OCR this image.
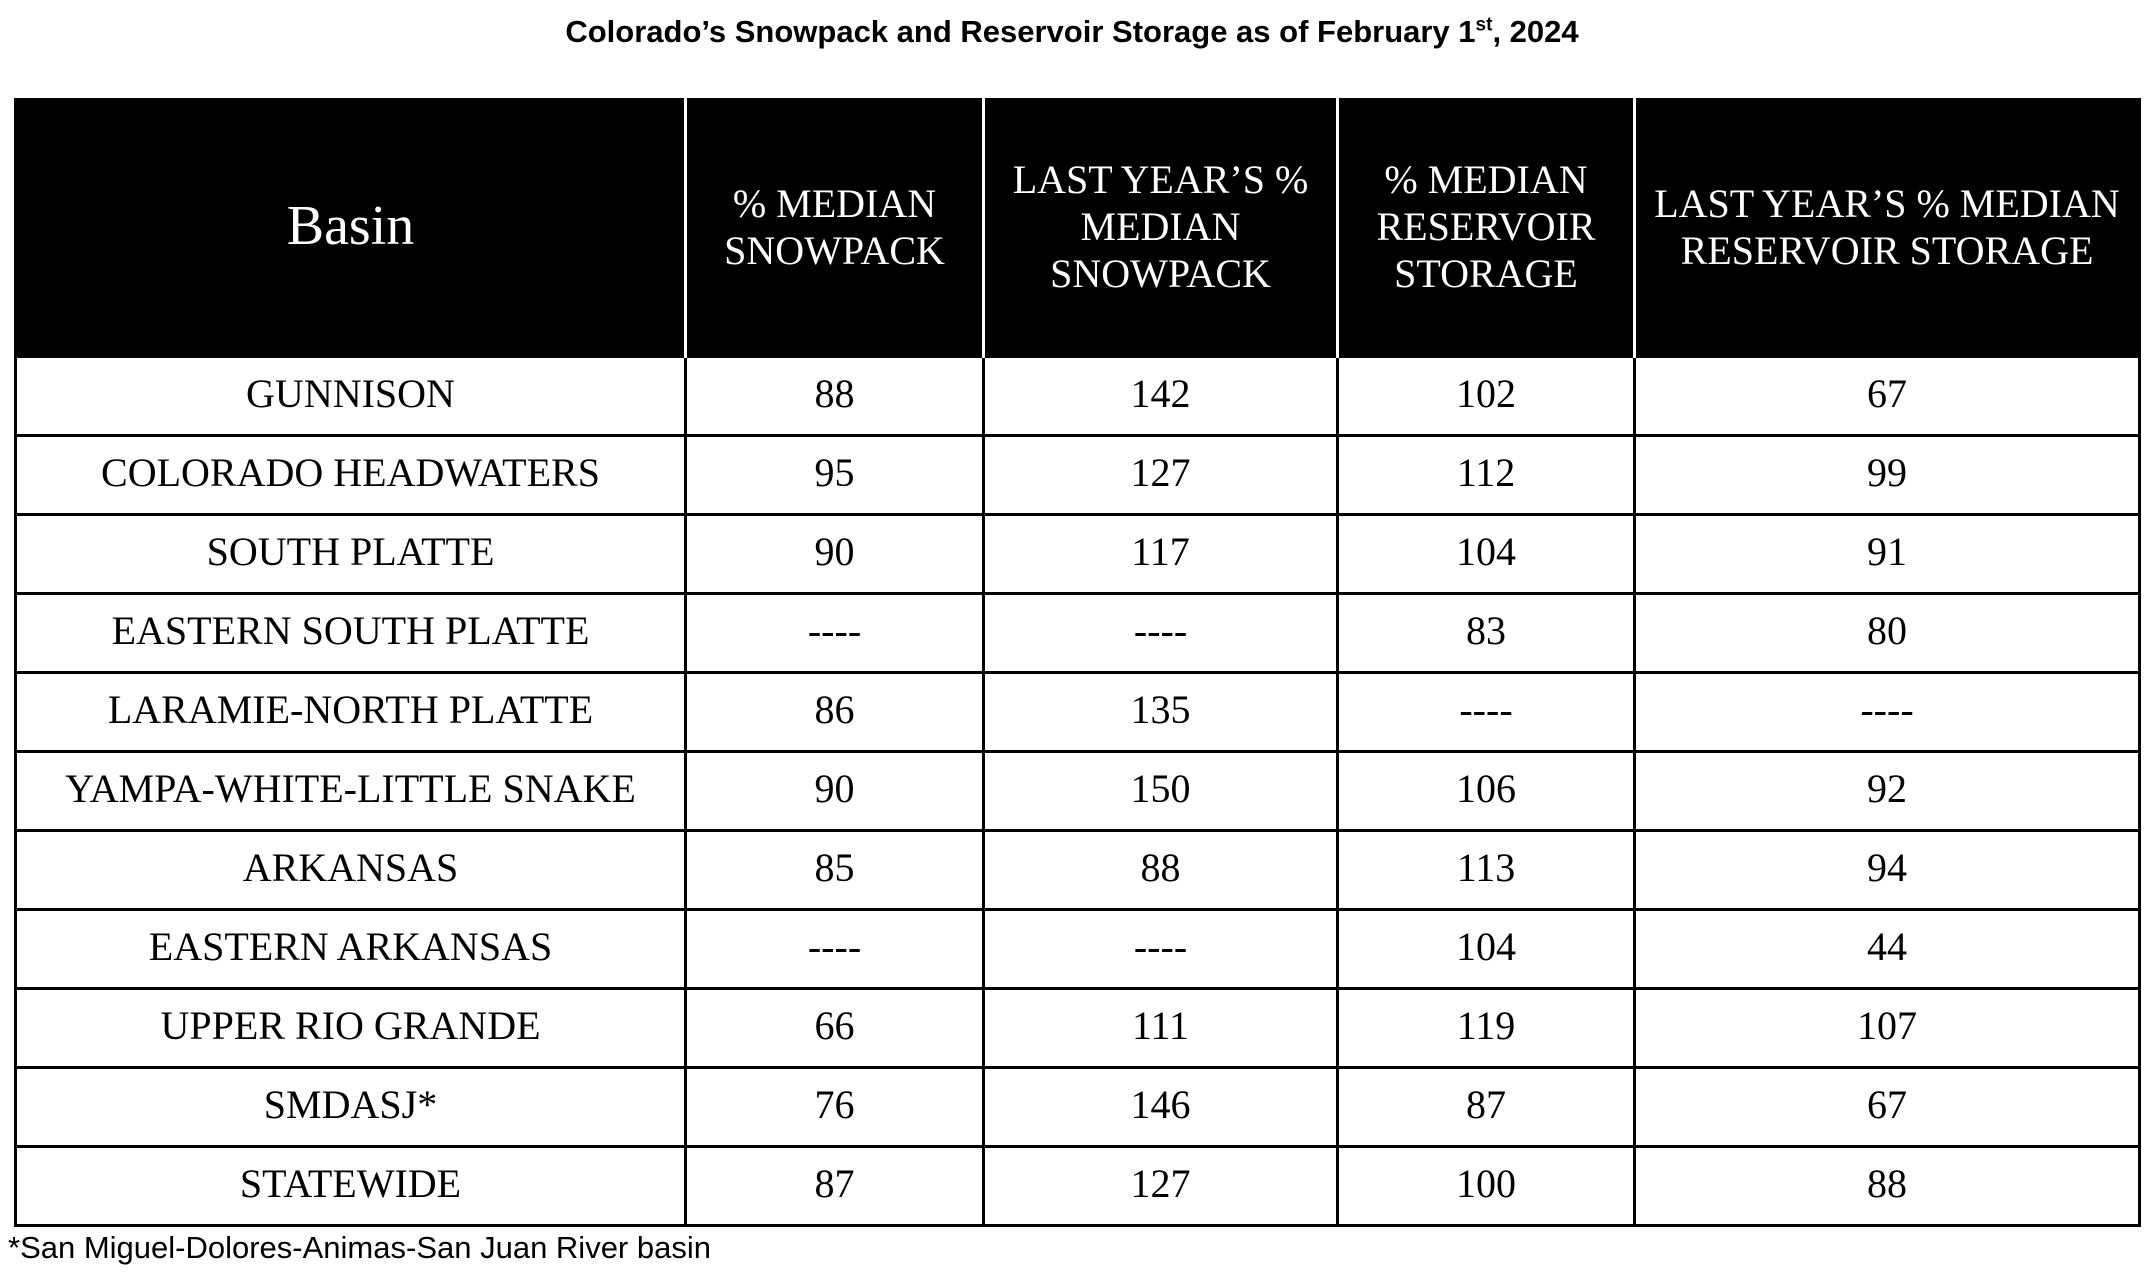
Colorado’s Snowpack and Reservoir Storage as of February 1st, 2024
Basin	% MEDIAN SNOWPACK	LAST YEAR’S % MEDIAN SNOWPACK	% MEDIAN RESERVOIR STORAGE	LAST YEAR’S % MEDIAN RESERVOIR STORAGE
GUNNISON	88	142	102	67
COLORADO HEADWATERS	95	127	112	99
SOUTH PLATTE	90	117	104	91
EASTERN SOUTH PLATTE	----	----	83	80
LARAMIE-NORTH PLATTE	86	135	----	----
YAMPA-WHITE-LITTLE SNAKE	90	150	106	92
ARKANSAS	85	88	113	94
EASTERN ARKANSAS	----	----	104	44
UPPER RIO GRANDE	66	111	119	107
SMDASJ*	76	146	87	67
STATEWIDE	87	127	100	88
*San Miguel-Dolores-Animas-San Juan River basin
